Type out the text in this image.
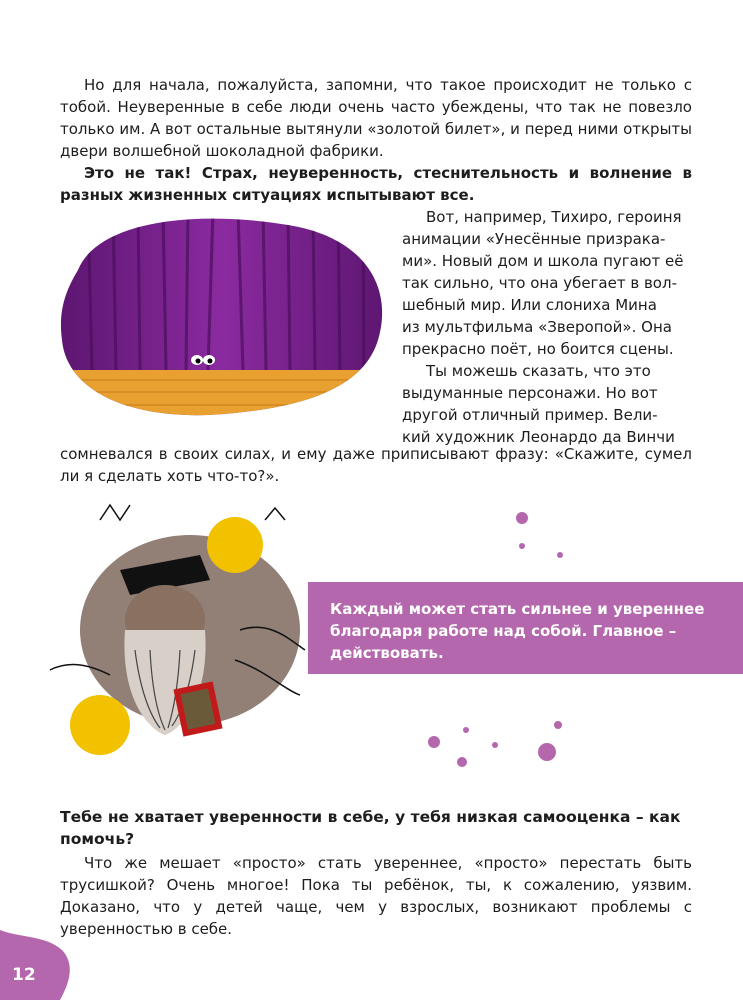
Но для начала, пожалуйста, запомни, что такое происходит не только с тобой. Неуверенные в себе люди очень часто убеждены, что так не повезло только им. А вот остальные вытянули «золотой билет», и перед ними открыты двери волшебной шоколадной фабрики.

Это не так! Страх, неуверенность, стеснительность и волнение в разных жизненных ситуациях испытывают все.

Вот, например, Тихиро, героиня

анимации «Унесённые призрака-

ми». Новый дом и школа пугают её

так сильно, что она убегает в вол-

шебный мир. Или слониха Мина

из мультфильма «Зверопой». Она

прекрасно поёт, но боится сцены.

Ты можешь сказать, что это

выдуманные персонажи. Но вот

другой отличный пример. Вели-

кий художник Леонардо да Винчи

сомневался в своих силах, и ему даже приписывают фразу: «Скажите, сумел ли я сделать хоть что-то?».

Каждый может стать сильнее и увереннее благодаря работе над собой. Главное – действовать.

Тебе не хватает уверенности в себе, у тебя низкая самооценка – как помочь?

Что же мешает «просто» стать увереннее, «просто» перестать быть трусишкой? Очень многое! Пока ты ребёнок, ты, к сожалению, уязвим. Доказано, что у детей чаще, чем у взрослых, возникают проблемы с уверенностью в себе.

12
